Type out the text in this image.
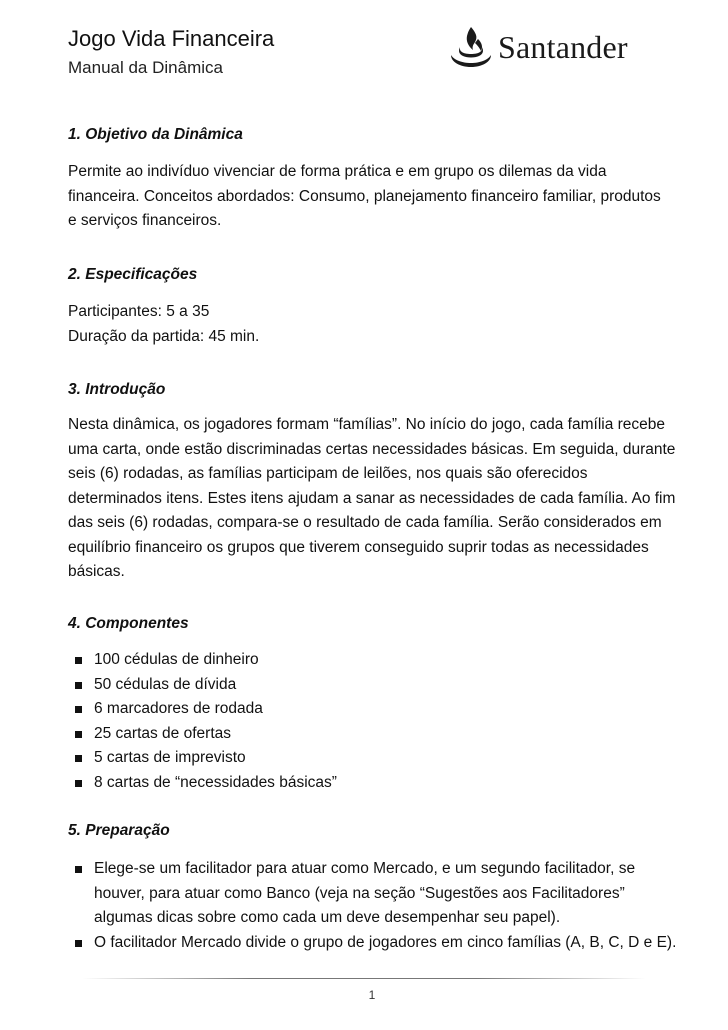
Jogo Vida Financeira
Manual da Dinâmica
Santander
1. Objetivo da Dinâmica
Permite ao indivíduo vivenciar de forma prática e em grupo os dilemas da vida
financeira. Conceitos abordados: Consumo, planejamento financeiro familiar, produtos
e serviços financeiros.
2. Especificações
Participantes: 5 a 35
Duração da partida: 45 min.
3. Introdução
Nesta dinâmica, os jogadores formam “famílias”. No início do jogo, cada família recebe
uma carta, onde estão discriminadas certas necessidades básicas. Em seguida, durante
seis (6) rodadas, as famílias participam de leilões, nos quais são oferecidos
determinados itens. Estes itens ajudam a sanar as necessidades de cada família. Ao fim
das seis (6) rodadas, compara-se o resultado de cada família. Serão considerados em
equilíbrio financeiro os grupos que tiverem conseguido suprir todas as necessidades
básicas.
4. Componentes
100 cédulas de dinheiro
50 cédulas de dívida
6 marcadores de rodada
25 cartas de ofertas
5 cartas de imprevisto
8 cartas de “necessidades básicas”
5. Preparação
Elege-se um facilitador para atuar como Mercado, e um segundo facilitador, se
houver, para atuar como Banco (veja na seção “Sugestões aos Facilitadores”
algumas dicas sobre como cada um deve desempenhar seu papel).
O facilitador Mercado divide o grupo de jogadores em cinco famílias (A, B, C, D e E).
1
